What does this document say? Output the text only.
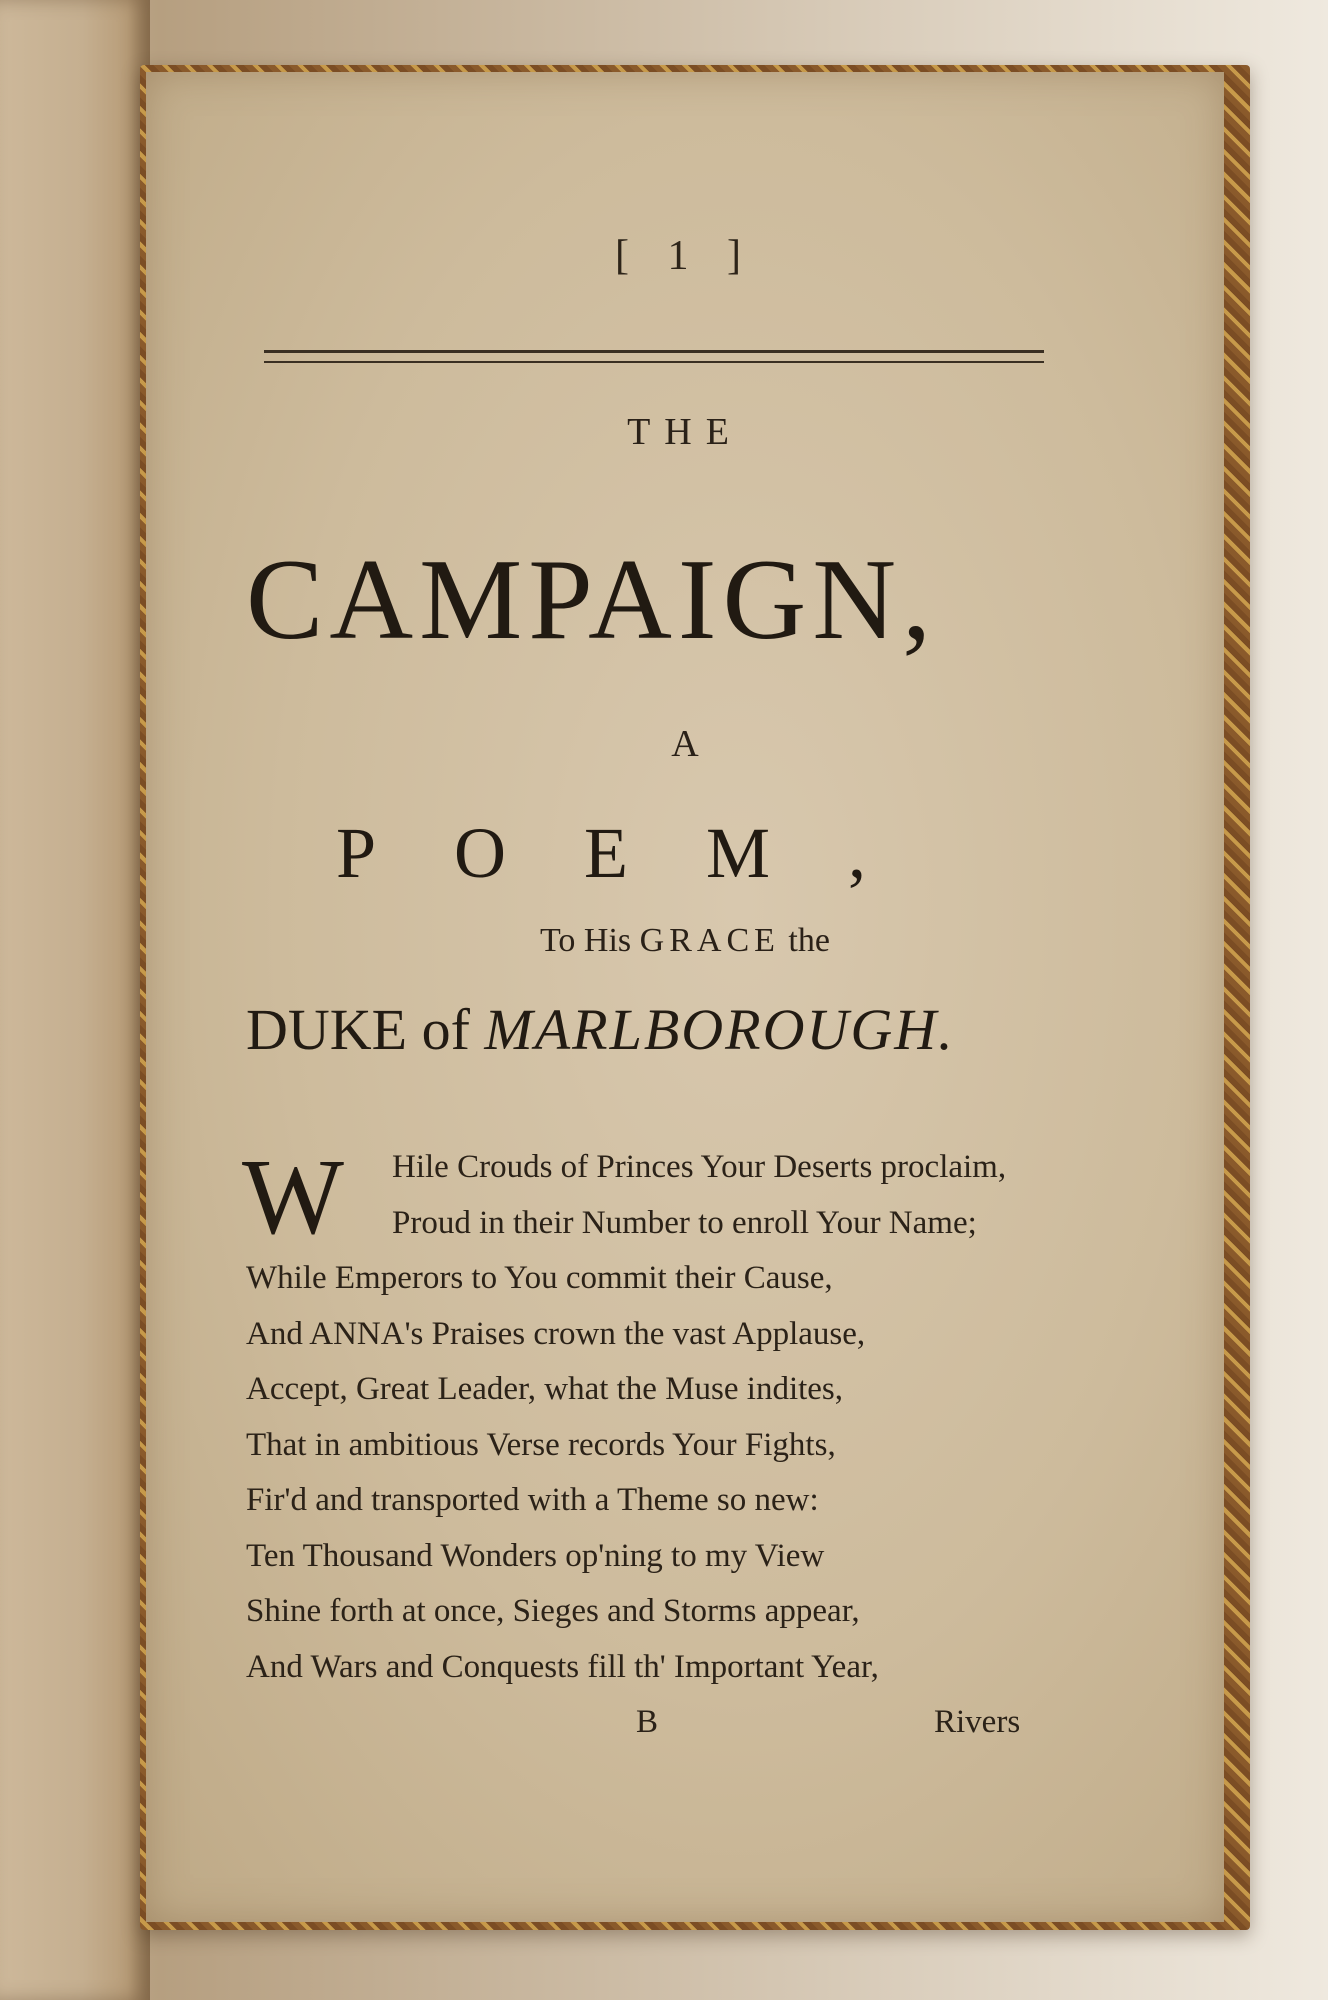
[ 1 ]
THE
CAMPAIGN,
A
POEM,
To His GRACE the
DUKE of MARLBOROUGH.
W	Hile Crouds of Princes Your Deserts proclaim,
Proud in their Number to enroll Your Name;
While Emperors to You commit their Cause,
And ANNA's Praises crown the vast Applause,
Accept, Great Leader, what the Muse indites,
That in ambitious Verse records Your Fights,
Fir'd and transported with a Theme so new:
Ten Thousand Wonders op'ning to my View
Shine forth at once, Sieges and Storms appear,
And Wars and Conquests fill th' Important Year,
B	Rivers
